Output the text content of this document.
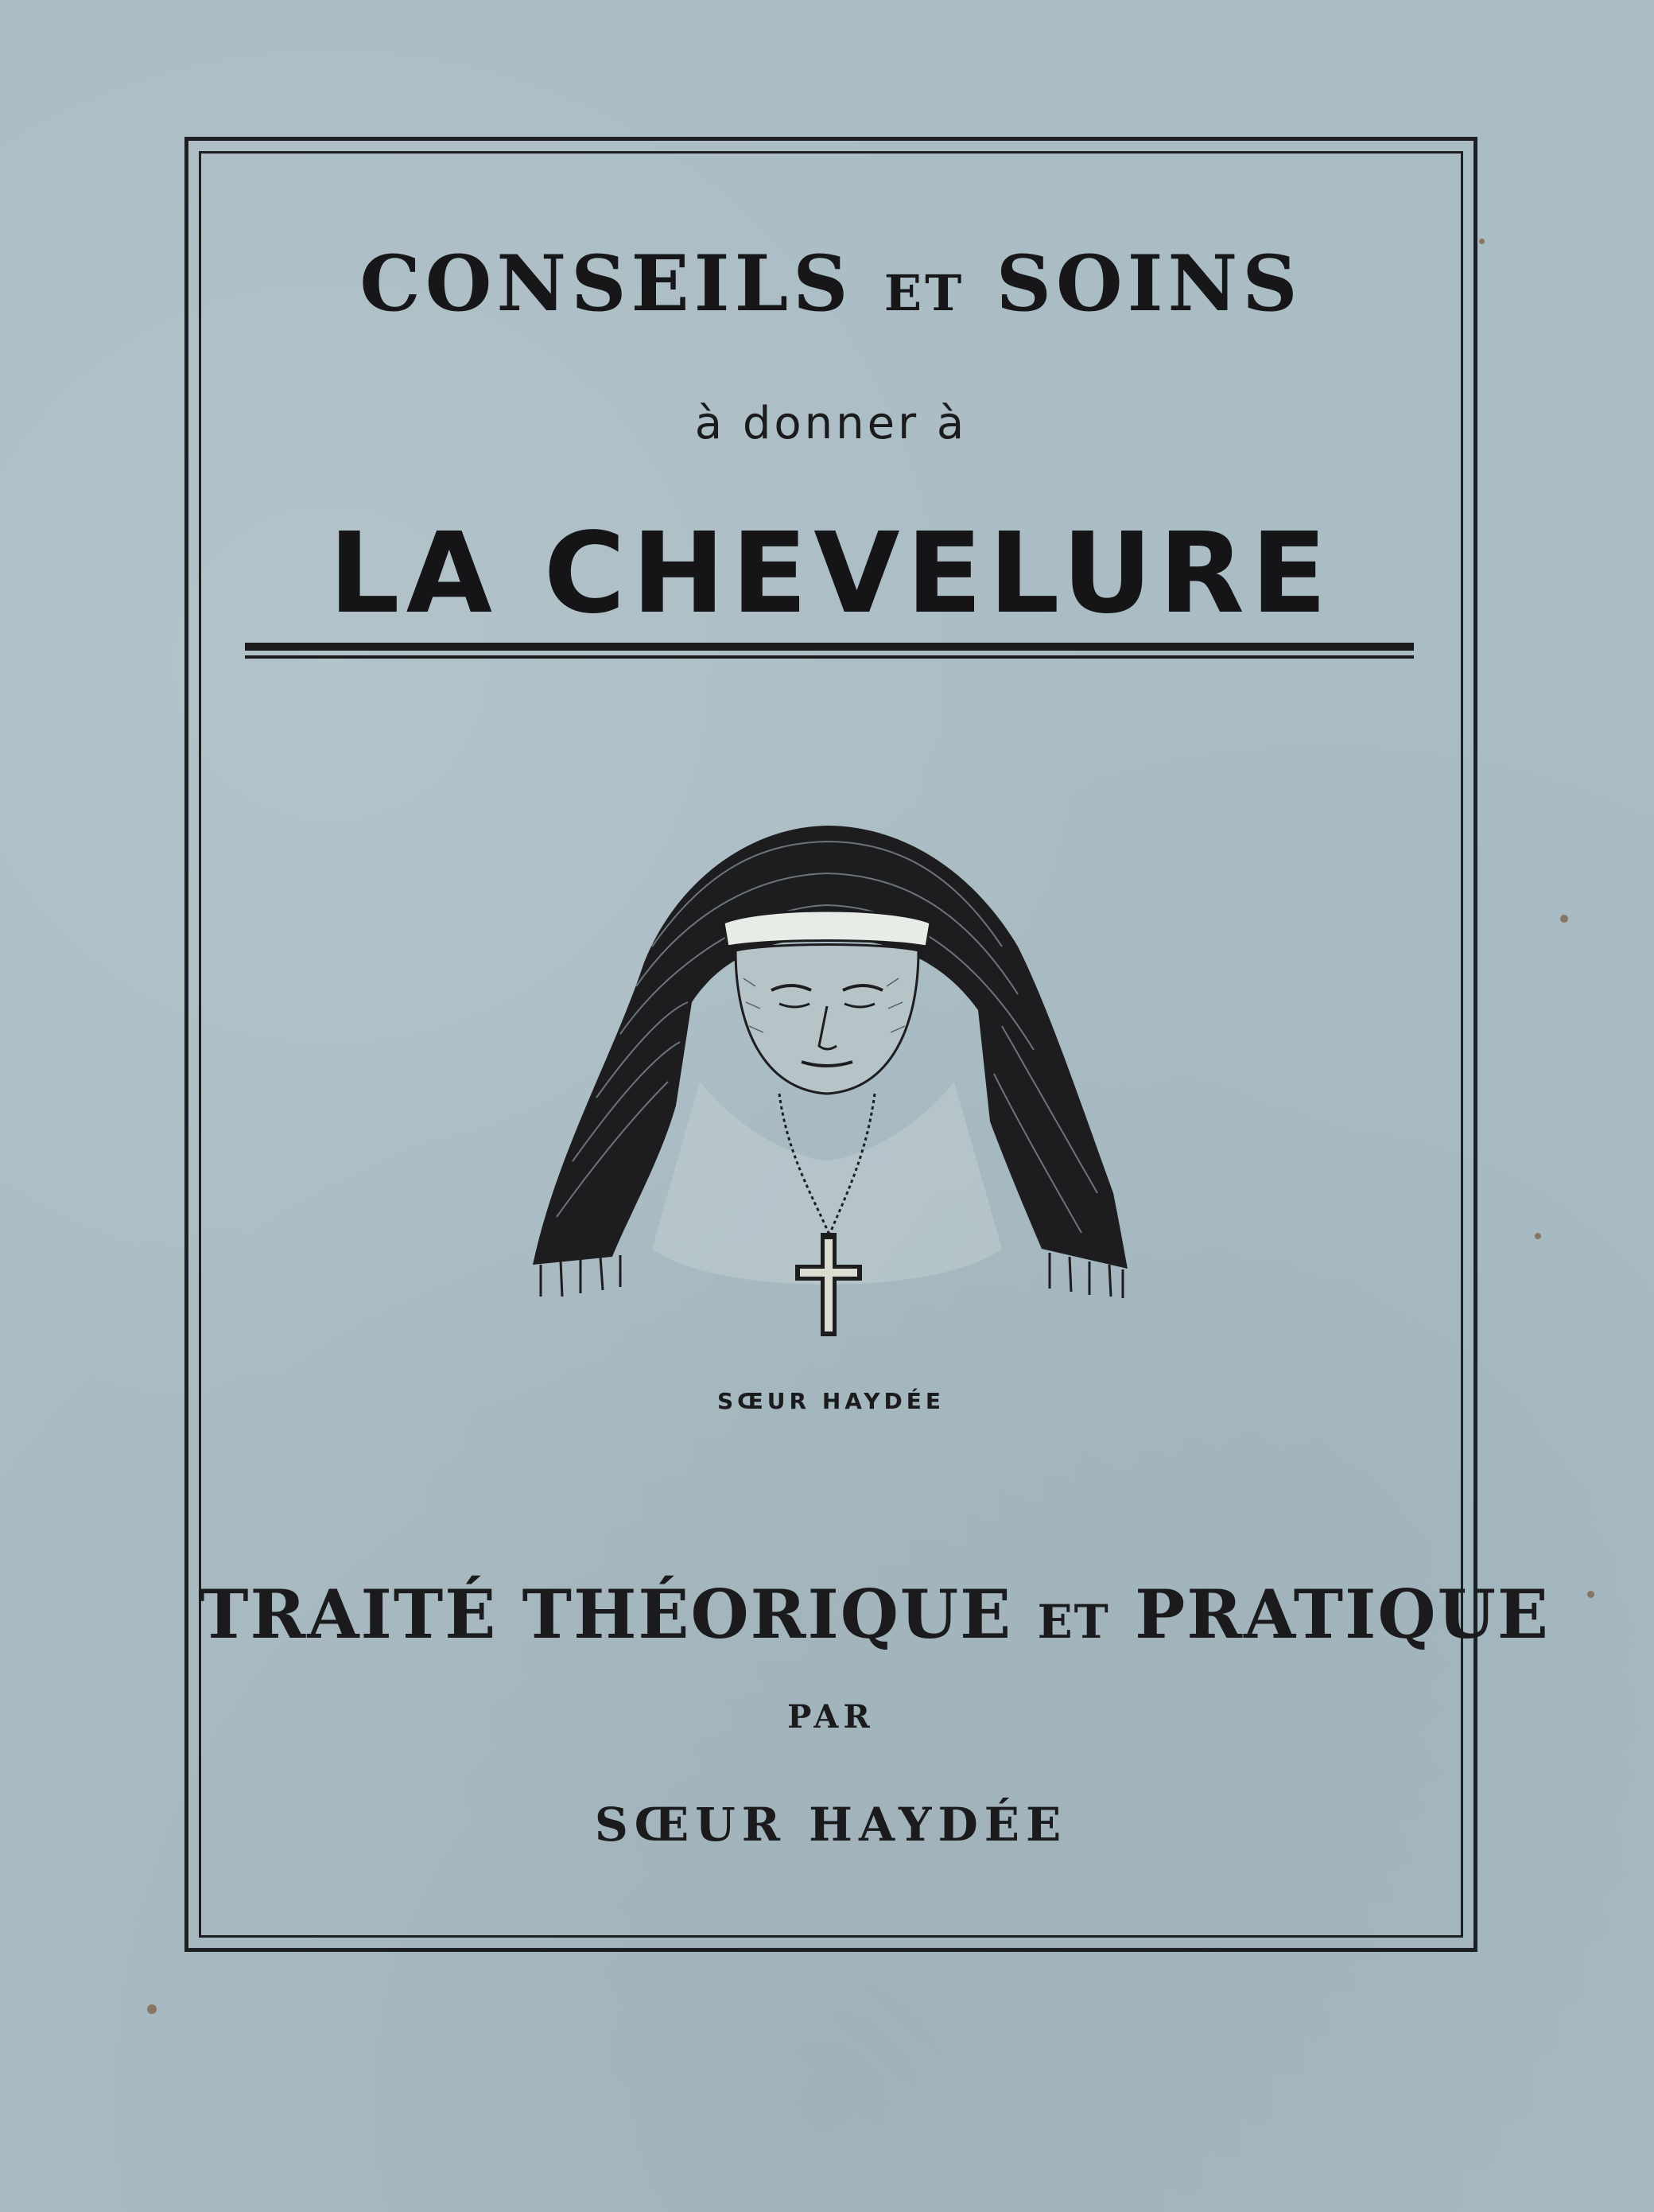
CONSEILS ET SOINS
à donner à
LA CHEVELURE
SŒUR HAYDÉE
TRAITÉ THÉORIQUE ET PRATIQUE
PAR
SŒUR HAYDÉE
